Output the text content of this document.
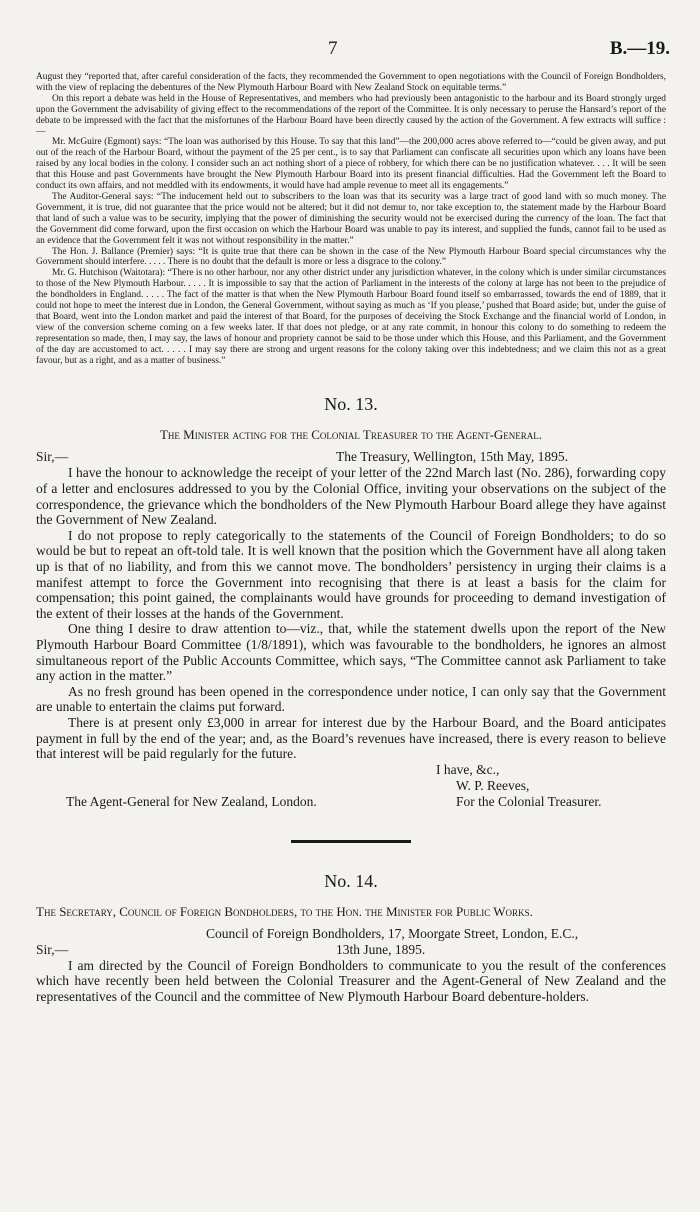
7	B.—19.

August they “reported that, after careful consideration of the facts, they recommended the Government to open negotiations with the Council of Foreign Bondholders, with the view of replacing the debentures of the New Plymouth Harbour Board with New Zealand Stock on equitable terms.”

On this report a debate was held in the House of Representatives, and members who had previously been antagonistic to the harbour and its Board strongly urged upon the Government the advisability of giving effect to the recommendations of the report of the Committee. It is only necessary to peruse the Hansard’s report of the debate to be impressed with the fact that the misfortunes of the Harbour Board have been directly caused by the action of the Government. A few extracts will suffice :—

Mr. McGuire (Egmont) says: “The loan was authorised by this House. To say that this land”—the 200,000 acres above referred to—“could be given away, and put out of the reach of the Harbour Board, without the payment of the 25 per cent., is to say that Parliament can confiscate all securities upon which any loans have been raised by any local bodies in the colony. I consider such an act nothing short of a piece of robbery, for which there can be no justification whatever. . . . It will be seen that this House and past Governments have brought the New Plymouth Harbour Board into its present financial difficulties. Had the Government left the Board to conduct its own affairs, and not meddled with its endowments, it would have had ample revenue to meet all its engagements.”

The Auditor-General says: “The inducement held out to subscribers to the loan was that its security was a large tract of good land with so much money. The Government, it is true, did not guarantee that the price would not be altered; but it did not demur to, nor take exception to, the statement made by the Harbour Board that land of such a value was to be security, implying that the power of diminishing the security would not be exercised during the currency of the loan. The fact that the Government did come forward, upon the first occasion on which the Harbour Board was unable to pay its interest, and supplied the funds, cannot fail to be used as an evidence that the Government felt it was not without responsibility in the matter.”

The Hon. J. Ballance (Premier) says: “It is quite true that there can be shown in the case of the New Plymouth Harbour Board special circumstances why the Government should interfere. . . . . There is no doubt that the default is more or less a disgrace to the colony.”

Mr. G. Hutchison (Waitotara): “There is no other harbour, nor any other district under any jurisdiction whatever, in the colony which is under similar circumstances to those of the New Plymouth Harbour. . . . . It is impossible to say that the action of Parliament in the interests of the colony at large has not been to the prejudice of the bondholders in England. . . . . The fact of the matter is that when the New Plymouth Harbour Board found itself so embarrassed, towards the end of 1889, that it could not hope to meet the interest due in London, the General Government, without saying as much as ‘If you please,’ pushed that Board aside; but, under the guise of that Board, went into the London market and paid the interest of that Board, for the purposes of deceiving the Stock Exchange and the financial world of London, in view of the conversion scheme coming on a few weeks later. If that does not pledge, or at any rate commit, in honour this colony to do something to redeem the representation so made, then, I may say, the laws of honour and propriety cannot be said to be those under which this House, and this Parliament, and the Government of the day are accustomed to act. . . . . I may say there are strong and urgent reasons for the colony taking over this indebtedness; and we claim this not as a great favour, but as a right, and as a matter of business.”

No. 13.
The Minister acting for the Colonial Treasurer to the Agent-General.
Sir,—	The Treasury, Wellington, 15th May, 1895.

I have the honour to acknowledge the receipt of your letter of the 22nd March last (No. 286), forwarding copy of a letter and enclosures addressed to you by the Colonial Office, inviting your observations on the subject of the correspondence, the grievance which the bondholders of the New Plymouth Harbour Board allege they have against the Government of New Zealand.

I do not propose to reply categorically to the statements of the Council of Foreign Bondholders; to do so would be but to repeat an oft-told tale. It is well known that the position which the Government have all along taken up is that of no liability, and from this we cannot move. The bondholders’ persistency in urging their claims is a manifest attempt to force the Government into recognising that there is at least a basis for the claim for compensation; this point gained, the complainants would have grounds for proceeding to demand investigation of the extent of their losses at the hands of the Government.

One thing I desire to draw attention to—viz., that, while the statement dwells upon the report of the New Plymouth Harbour Board Committee (1/8/1891), which was favourable to the bondholders, he ignores an almost simultaneous report of the Public Accounts Committee, which says, “The Committee cannot ask Parliament to take any action in the matter.”

As no fresh ground has been opened in the correspondence under notice, I can only say that the Government are unable to entertain the claims put forward.

There is at present only £3,000 in arrear for interest due by the Harbour Board, and the Board anticipates payment in full by the end of the year; and, as the Board’s revenues have increased, there is every reason to believe that interest will be paid regularly for the future.

I have, &c.,
W. P. Reeves,
The Agent-General for New Zealand, London.	For the Colonial Treasurer.
No. 14.
The Secretary, Council of Foreign Bondholders, to the Hon. the Minister for Public Works.
Council of Foreign Bondholders, 17, Moorgate Street, London, E.C.,
Sir,—	13th June, 1895.

I am directed by the Council of Foreign Bondholders to communicate to you the result of the conferences which have recently been held between the Colonial Treasurer and the Agent-General of New Zealand and the representatives of the Council and the committee of New Plymouth Harbour Board debenture-holders.
